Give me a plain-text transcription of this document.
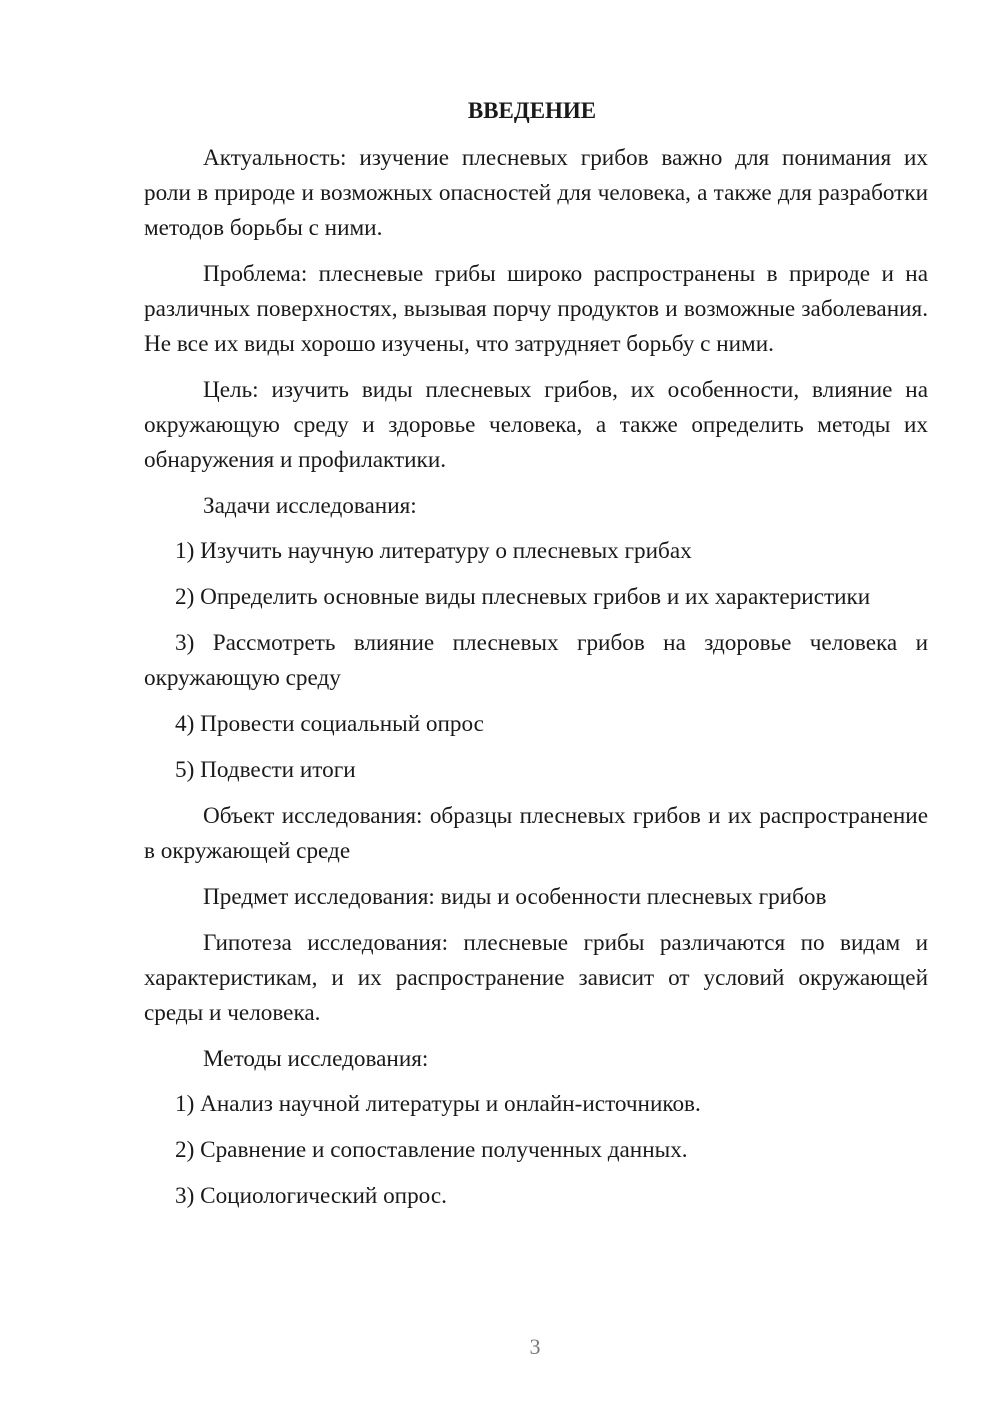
ВВЕДЕНИЕ

Актуальность: изучение плесневых грибов важно для понимания их роли в природе и возможных опасностей для человека, а также для разработки методов борьбы с ними.

Проблема: плесневые грибы широко распространены в природе и на различных поверхностях, вызывая порчу продуктов и возможные заболевания. Не все их виды хорошо изучены, что затрудняет борьбу с ними.

Цель: изучить виды плесневых грибов, их особенности, влияние на окружающую среду и здоровье человека, а также определить методы их обнаружения и профилактики.

Задачи исследования:

1) Изучить научную литературу о плесневых грибах

2) Определить основные виды плесневых грибов и их характеристики

3) Рассмотреть влияние плесневых грибов на здоровье человека и окружающую среду

4) Провести социальный опрос

5) Подвести итоги

Объект исследования: образцы плесневых грибов и их распространение в окружающей среде

Предмет исследования: виды и особенности плесневых грибов

Гипотеза исследования: плесневые грибы различаются по видам и характеристикам, и их распространение зависит от условий окружающей среды и человека.

Методы исследования:

1) Анализ научной литературы и онлайн-источников.

2) Сравнение и сопоставление полученных данных.

3) Социологический опрос.

3
